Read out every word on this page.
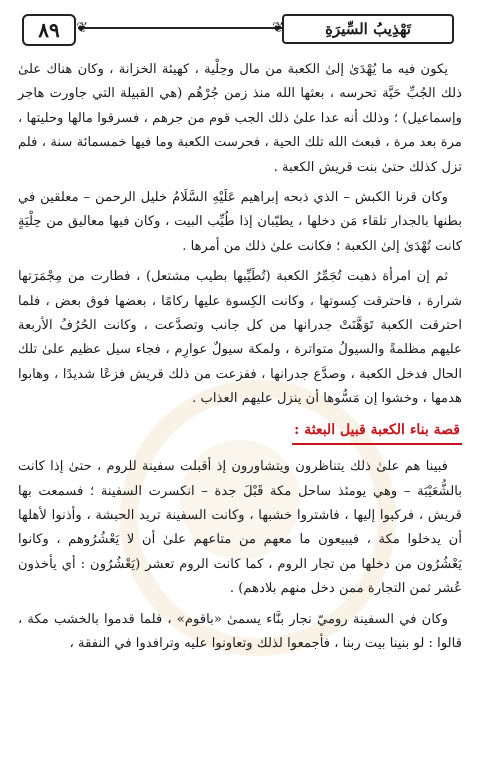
❦	❦
٨٩	تَهْذِيبُ السِّيرَةِ

يكون فيه ما يُهْدَىٰ إلىٰ الكعبة من مال وحِلْية ، كهيئة الخزانة ، وكان هناك علىٰ ذلك الجُبِّ حَيَّة تحرسه ، بعثها الله منذ زمن جُرْهُم (هي القبيلة التي جاورت هاجر وإسماعيل) ؛ وذلك أنه عدا علىٰ ذلك الجب قوم من جرهم ، فسرقوا مالها وحليتها ، مرة بعد مرة ، فبعث الله تلك الحية ، فحرست الكعبة وما فيها خمسمائة سنة ، فلم تزل كذلك حتىٰ بنت قريش الكعبة .

وكان قرنا الكبش – الذي ذبحه إبراهيم عَلَيْهِ السَّلَامُ خليل الرحمن – معلقين في بطنها بالجدار تلقاء مَن دخلها ، يطيّبان إذا طُيِّب البيت ، وكان فيها معاليق من حِلْيَةٍ كانت تُهْدَىٰ إلىٰ الكعبة ؛ فكانت علىٰ ذلك من أمرها .

ثم إن امرأة ذهبت تُجَمِّرُ الكعبة (تُطَيِّبها بطيب مشتعل) ، فطارت من مِجْمَرَتها شرارة ، فاحترقت كِسوتها ، وكانت الكِسوة عليها ركامًا ، بعضها فوق بعض ، فلما احترقت الكعبة تَوَهَّنَتْ جدرانها من كل جانب وتصدَّعت ، وكانت الحُرُفُ الأربعة عليهم مظلمةً والسيولُ متواترة ، ولمكة سيولٌ عوارِم ، فجاء سيل عظيم علىٰ تلك الحال فدخل الكعبة ، وصدَّع جدرانها ، ففزعت من ذلك قريش فزعًا شديدًا ، وهابوا هدمها ، وخشوا إن مَسُّوها أن ينزل عليهم العذاب .

قصة بناء الكعبة قبيل البعثة :

فبينا هم علىٰ ذلك يتناظرون ويتشاورون إذ أقبلت سفينة للروم ، حتىٰ إذا كانت بالشُّعَيْبَة – وهي يومئذ ساحل مكة قَبْلَ جدة – انكسرت السفينة ؛ فسمعت بها قريش ، فركبوا إليها ، فاشتروا خشبها ، وكانت السفينة تريد الحبشة ، وأذنوا لأهلها أن يدخلوا مكة ، فيبيعون ما معهم من متاعهم علىٰ أن لا يَعْشُرُوهم ، وكانوا يَعْشُرُون من دخلها من تجار الروم ، كما كانت الروم تعشر (يَعْشُرُون : أي يأخذون عُشر ثمن التجارة ممن دخل منهم بلادهم) .

وكان في السفينة روميّ نجار بنَّاء يسمىٰ «باقوم» ، فلما قدموا بالخشب مكة ، قالوا : لو بنينا بيت ربنا ، فأجمعوا لذلك وتعاونوا عليه وترافدوا في النفقة ،
